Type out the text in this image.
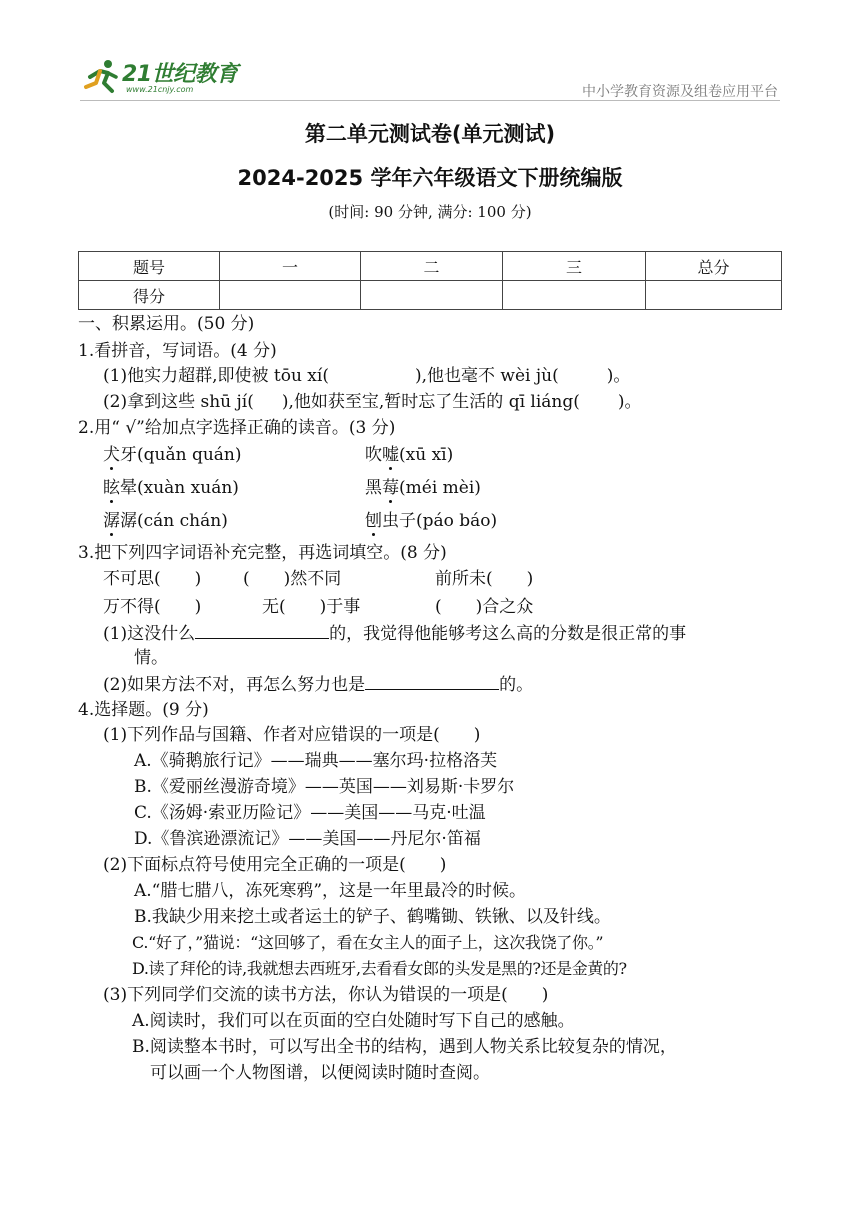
21世纪教育
www.21cnjy.com	中小学教育资源及组卷应用平台
第二单元测试卷(单元测试)
2024-2025 学年六年级语文下册统编版
(时间: 90 分钟, 满分: 100 分)
题号	一	二	三	总分
得分				
一、积累运用。(50 分)
1.看拼音，写词语。(4 分)
(1)他实力超群,即使被 tōu xí(	),他也毫不 wèi jù(	)。
(2)拿到这些 shū jí( ),他如获至宝,暂时忘了生活的 qī liáng( )。
2.用“ √”给加点字选择正确的读音。(3 分)
犬牙(quǎn quán)	吹嘘(xū xī)
眩晕(xuàn xuán)	黑莓(méi mèi)
潺潺(cán chán)	刨虫子(páo báo)
3.把下列四字词语补充完整，再选词填空。(8 分)
不可思(　　) (　　)然不同	前所未(　　)
万不得(　　)	无(　　)于事	(　　)合之众
(1)这没什么	的，我觉得他能够考这么高的分数是很正常的事
情。
(2)如果方法不对，再怎么努力也是	的。
4.选择题。(9 分)
(1)下列作品与国籍、作者对应错误的一项是(　　)
A.《骑鹅旅行记》——瑞典——塞尔玛·拉格洛芙
B.《爱丽丝漫游奇境》——英国——刘易斯·卡罗尔
C.《汤姆·索亚历险记》——美国——马克·吐温
D.《鲁滨逊漂流记》——美国——丹尼尔·笛福
(2)下面标点符号使用完全正确的一项是(　　)
A.“腊七腊八，冻死寒鸦”，这是一年里最冷的时候。
B.我缺少用来挖土或者运土的铲子、鹤嘴锄、铁锹、以及针线。
C.“好了，”猫说：“这回够了，看在女主人的面子上，这次我饶了你。”
D.读了拜伦的诗,我就想去西班牙,去看看女郎的头发是黑的?还是金黄的?
(3)下列同学们交流的读书方法，你认为错误的一项是(　　)
A.阅读时，我们可以在页面的空白处随时写下自己的感触。
B.阅读整本书时，可以写出全书的结构，遇到人物关系比较复杂的情况，
可以画一个人物图谱，以便阅读时随时查阅。
